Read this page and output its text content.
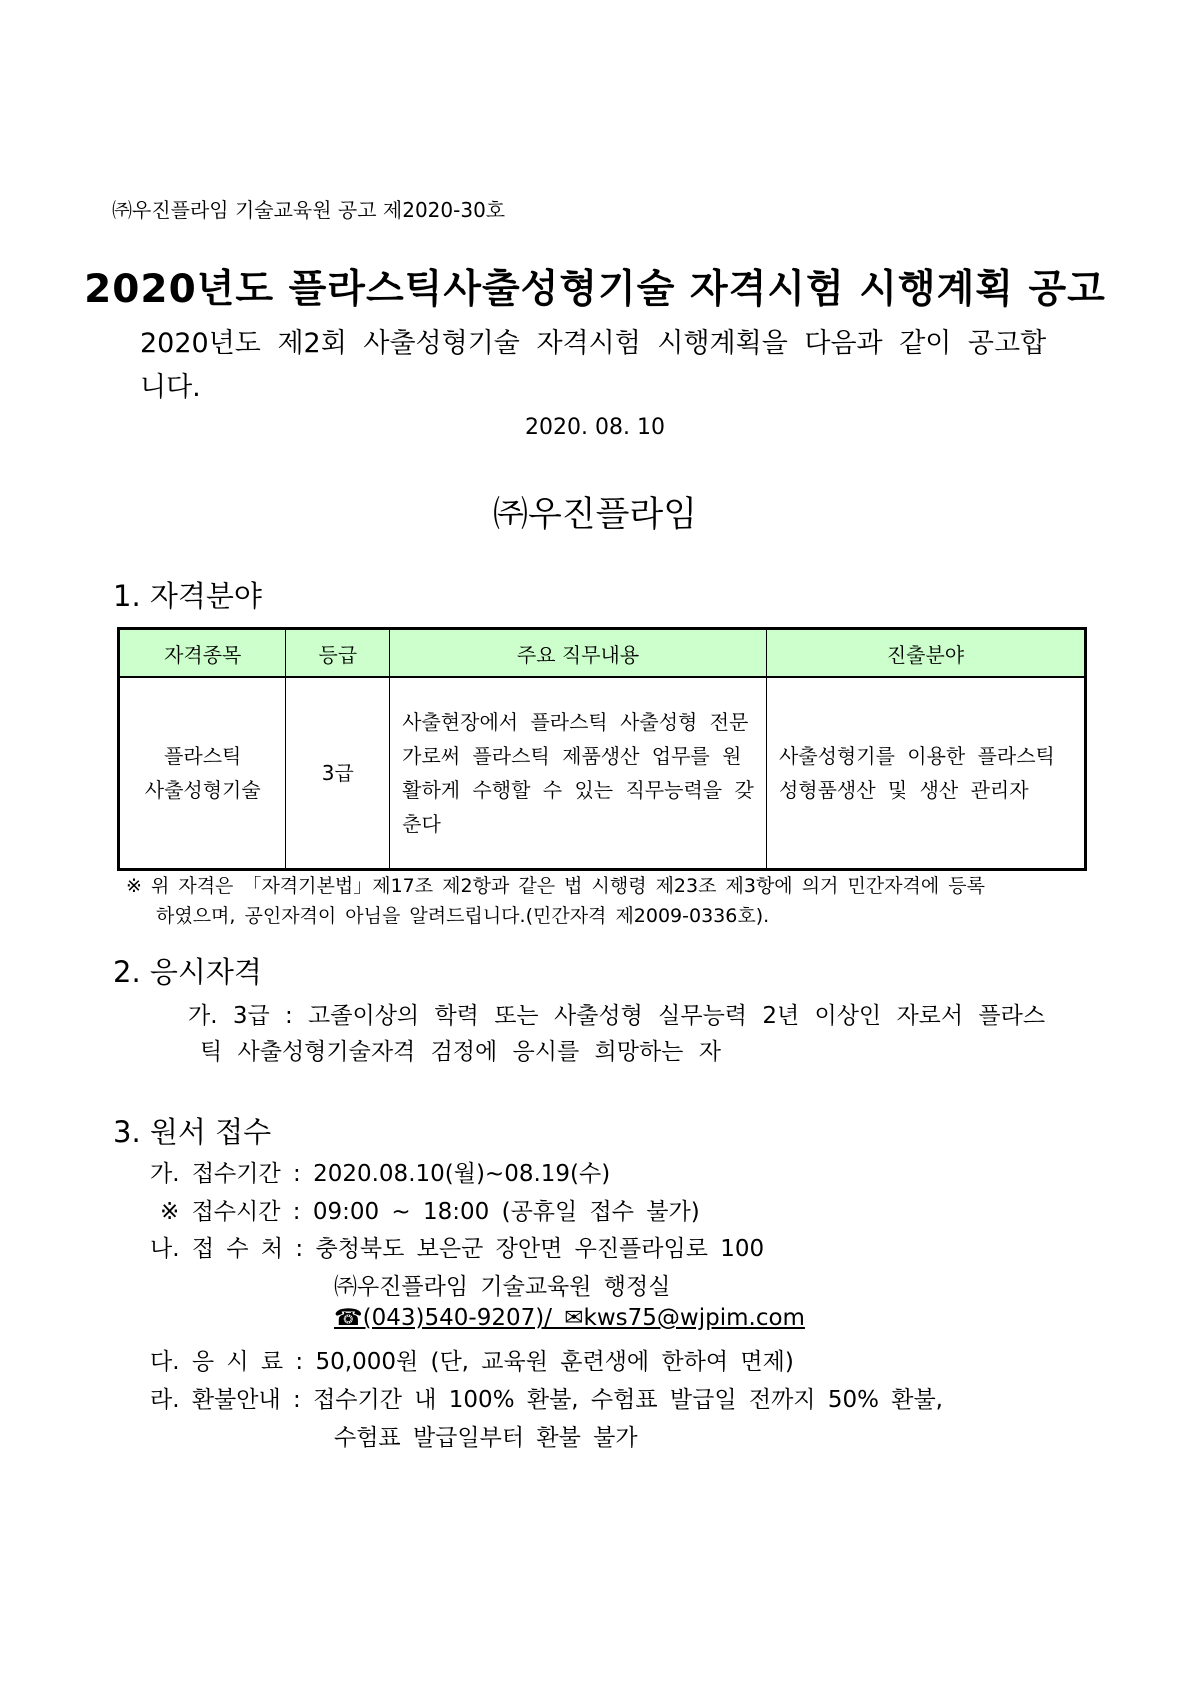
㈜우진플라임 기술교육원 공고 제2020-30호
2020년도 플라스틱사출성형기술 자격시험 시행계획 공고
2020년도 제2회 사출성형기술 자격시험 시행계획을 다음과 같이 공고합니다.
2020. 08. 10
㈜우진플라임
1. 자격분야
자격종목	등급	주요 직무내용	진출분야
플라스틱
사출성형기술	3급	사출현장에서 플라스틱 사출성형 전문가로써 플라스틱 제품생산 업무를 원활하게 수행할 수 있는 직무능력을 갖춘다	사출성형기를 이용한 플라스틱성형품생산 및 생산 관리자
※ 위 자격은 「자격기본법」제17조 제2항과 같은 법 시행령 제23조 제3항에 의거 민간자격에 등록
하였으며, 공인자격이 아님을 알려드립니다.(민간자격 제2009-0336호).
2. 응시자격
가. 3급 : 고졸이상의 학력 또는 사출성형 실무능력 2년 이상인 자로서 플라스
틱 사출성형기술자격 검정에 응시를 희망하는 자
3. 원서 접수
가. 접수기간 : 2020.08.10(월)~08.19(수)
※ 접수시간 : 09:00 ~ 18:00 (공휴일 접수 불가)
나. 접 수 처 : 충청북도 보은군 장안면 우진플라임로 100
㈜우진플라임 기술교육원 행정실
☎(043)540-9207)/ ✉kws75@wjpim.com
다. 응 시 료 : 50,000원 (단, 교육원 훈련생에 한하여 면제)
라. 환불안내 : 접수기간 내 100% 환불, 수험표 발급일 전까지 50% 환불,
수험표 발급일부터 환불 불가
